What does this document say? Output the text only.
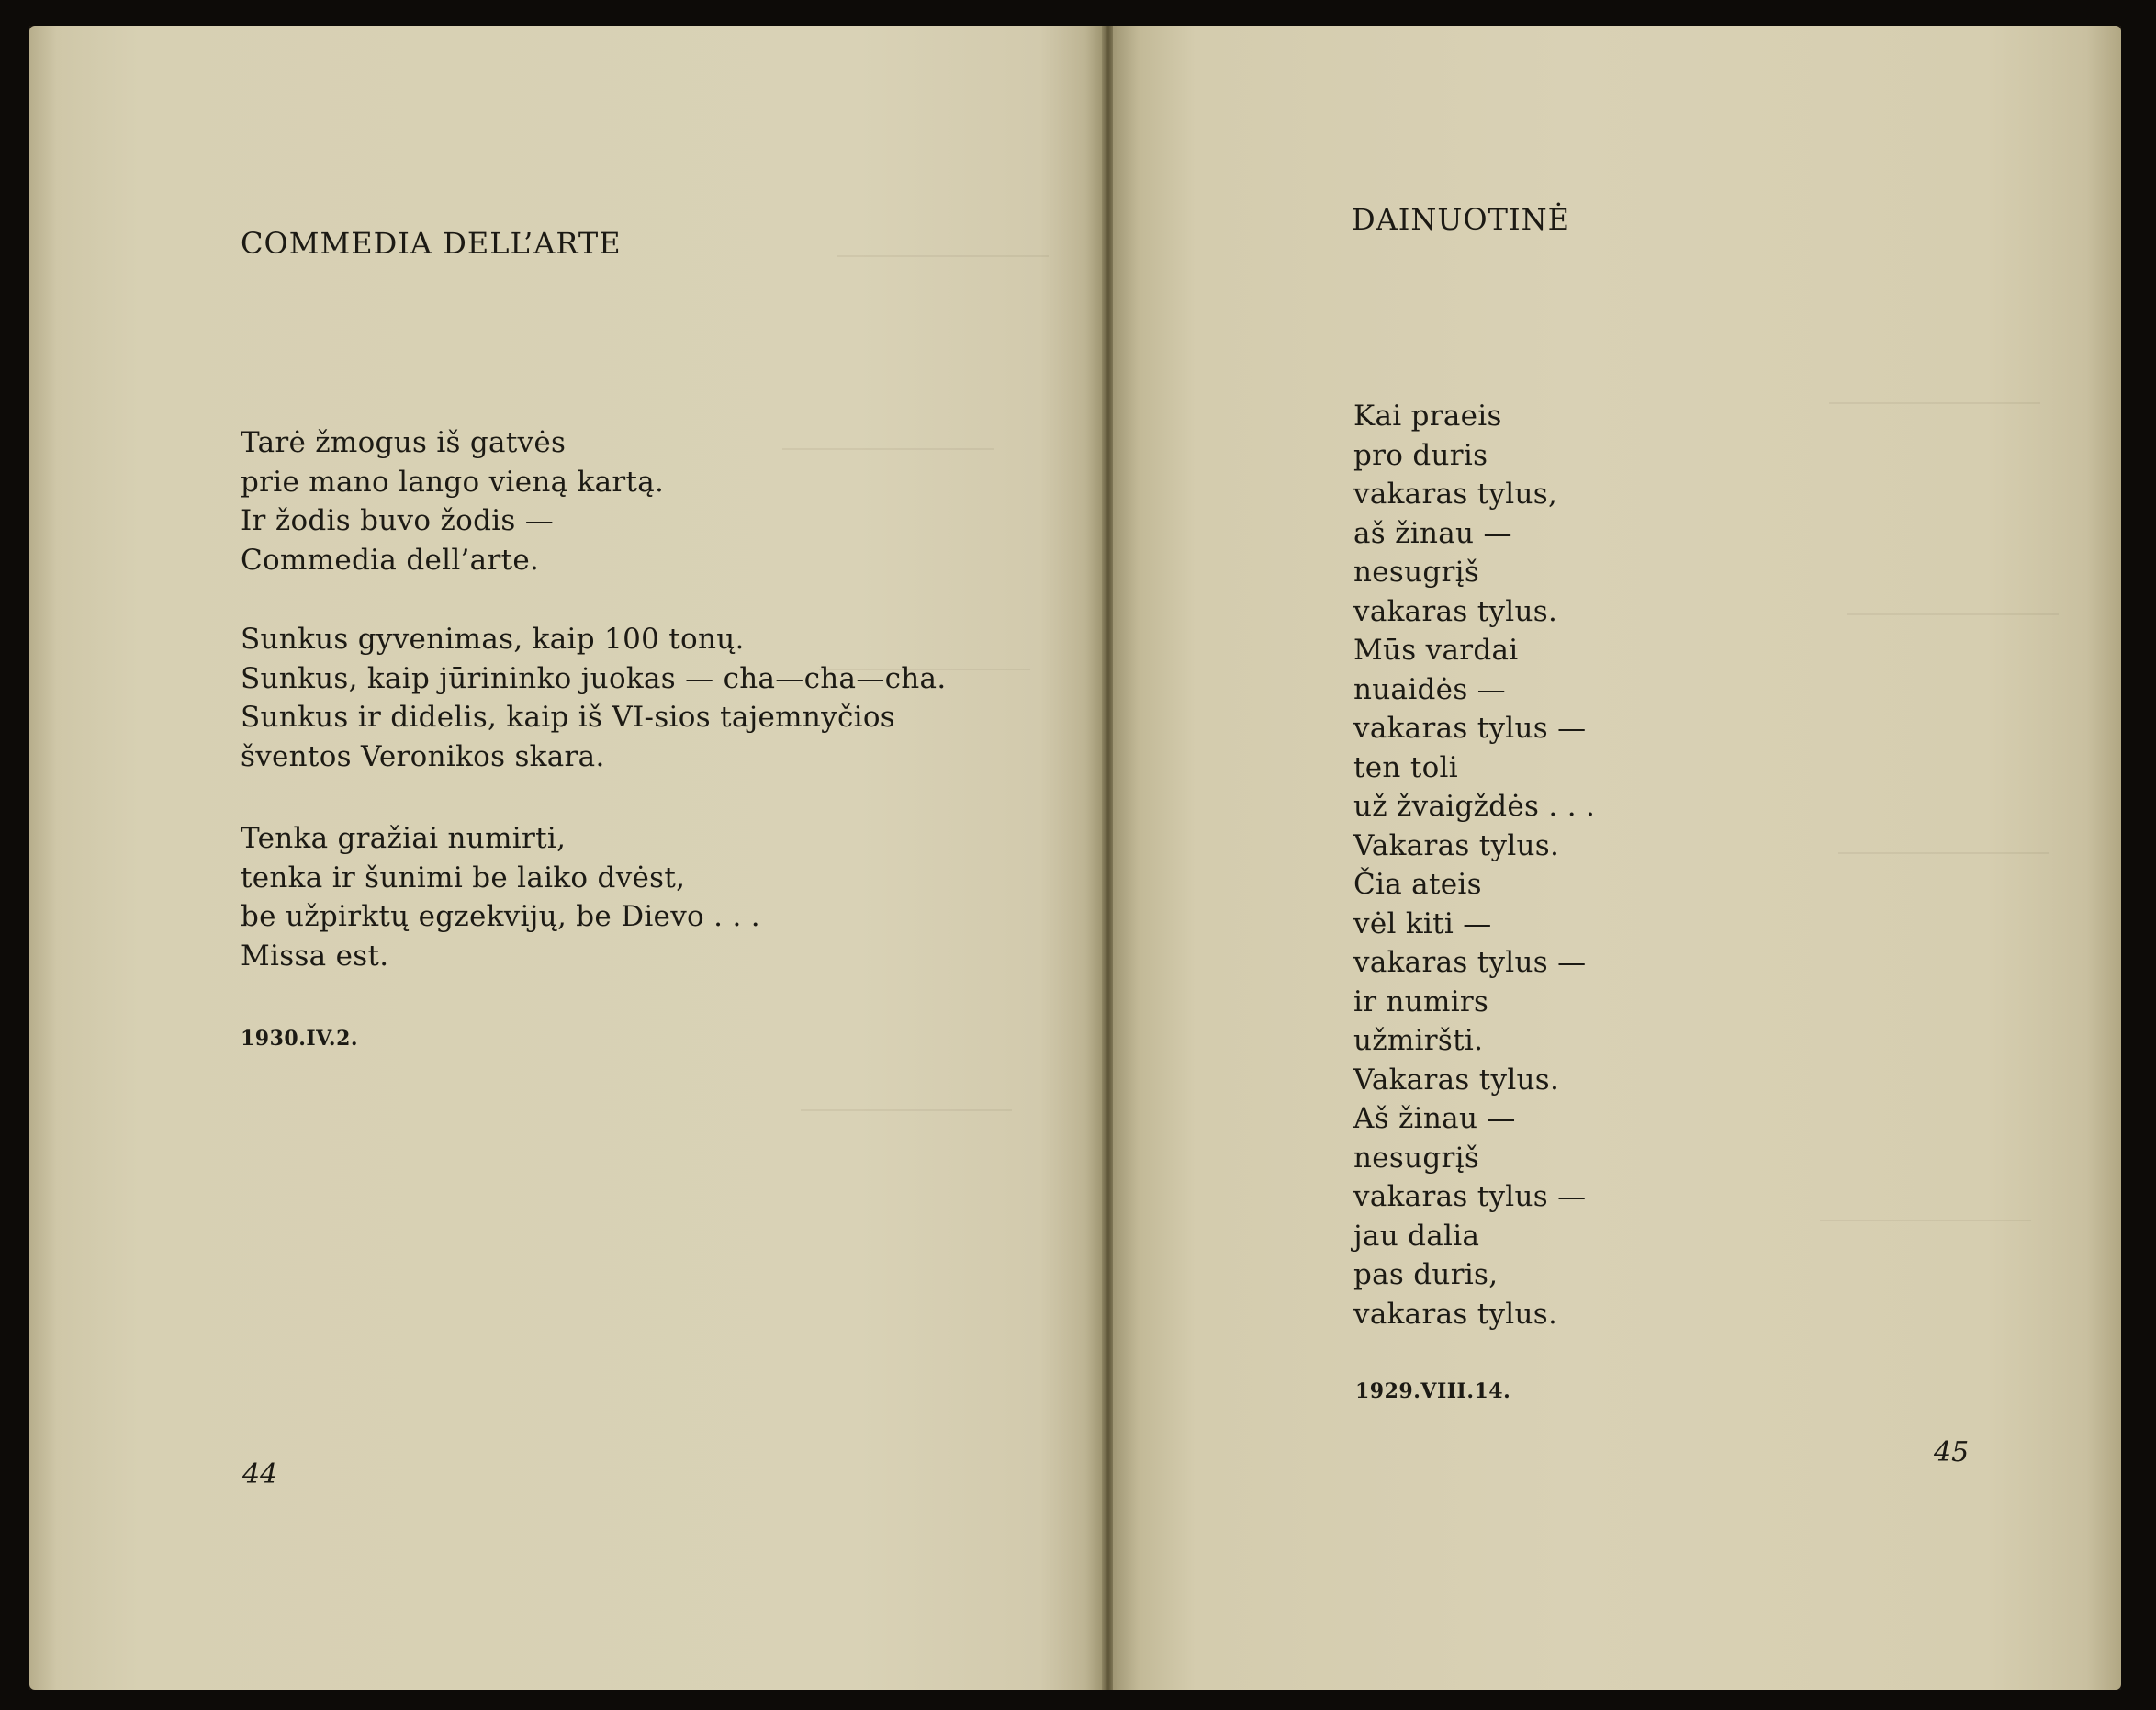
COMMEDIA DELL’ARTE
Tarė žmogus iš gatvės
prie mano lango vieną kartą.
Ir žodis buvo žodis —
Commedia dell’arte.
Sunkus gyvenimas, kaip 100 tonų.
Sunkus, kaip jūrininko juokas — cha—cha—cha.
Sunkus ir didelis, kaip iš VI-sios tajemnyčios
šventos Veronikos skara.
Tenka gražiai numirti,
tenka ir šunimi be laiko dvėst,
be užpirktų egzekvijų, be Dievo . . .
Missa est.
1930.IV.2.
44
DAINUOTINĖ
Kai praeis
pro duris
vakaras tylus,
aš žinau —
nesugrįš
vakaras tylus.
Mūs vardai
nuaidės —
vakaras tylus —
ten toli
už žvaigždės . . .
Vakaras tylus.
Čia ateis
vėl kiti —
vakaras tylus —
ir numirs
užmiršti.
Vakaras tylus.
Aš žinau —
nesugrįš
vakaras tylus —
jau dalia
pas duris,
vakaras tylus.
1929.VIII.14.
45
